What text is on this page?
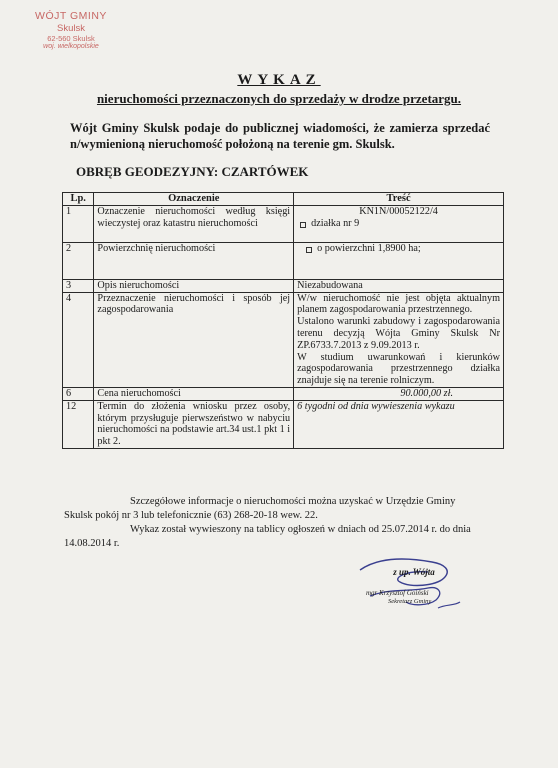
WÓJT GMINY
Skulsk
62-560 Skulsk
woj. wielkopolskie
WYKAZ
nieruchomości przeznaczonych do sprzedaży w drodze przetargu.
Wójt Gminy Skulsk podaje do publicznej wiadomości, że zamierza sprzedać n/wymienioną nieruchomość położoną na terenie gm. Skulsk.
OBRĘB GEODEZYJNY: CZARTÓWEK
Lp.	Oznaczenie	Treść
1	Oznaczenie nieruchomości według księgi wieczystej oraz katastru nieruchomości	KN1N/00052122/4
działka nr 9

2	Powierzchnię nieruchomości	o powierzchni 1,8900 ha;

3	Opis nieruchomości	Niezabudowana
4	Przeznaczenie nieruchomości i sposób jej zagospodarowania	W/w nieruchomość nie jest objęta aktualnym planem zagospodarowania przestrzennego.
Ustalono warunki zabudowy i zagospodarowania terenu decyzją Wójta Gminy Skulsk Nr ZP.6733.7.2013 z 9.09.2013 r.
W studium uwarunkowań i kierunków zagospodarowania przestrzennego działka znajduje się na terenie rolniczym.

6	Cena nieruchomości	90.000,00 zł.
12	Termin do złożenia wniosku przez osoby, którym przysługuje pierwszeństwo w nabyciu nieruchomości na podstawie art.34 ust.1 pkt 1 i pkt 2.	6 tygodni od dnia wywieszenia wykazu

Szczegółowe informacje o nieruchomości można uzyskać w Urzędzie Gminy Skulsk pokój nr 3 lub telefonicznie (63) 268-20-18 wew. 22.

Wykaz został wywieszony na tablicy ogłoszeń w dniach od 25.07.2014 r. do dnia 14.08.2014 r.

z up. Wójta
mgr Krzysztof Goiński
Sekretarz Gminy
